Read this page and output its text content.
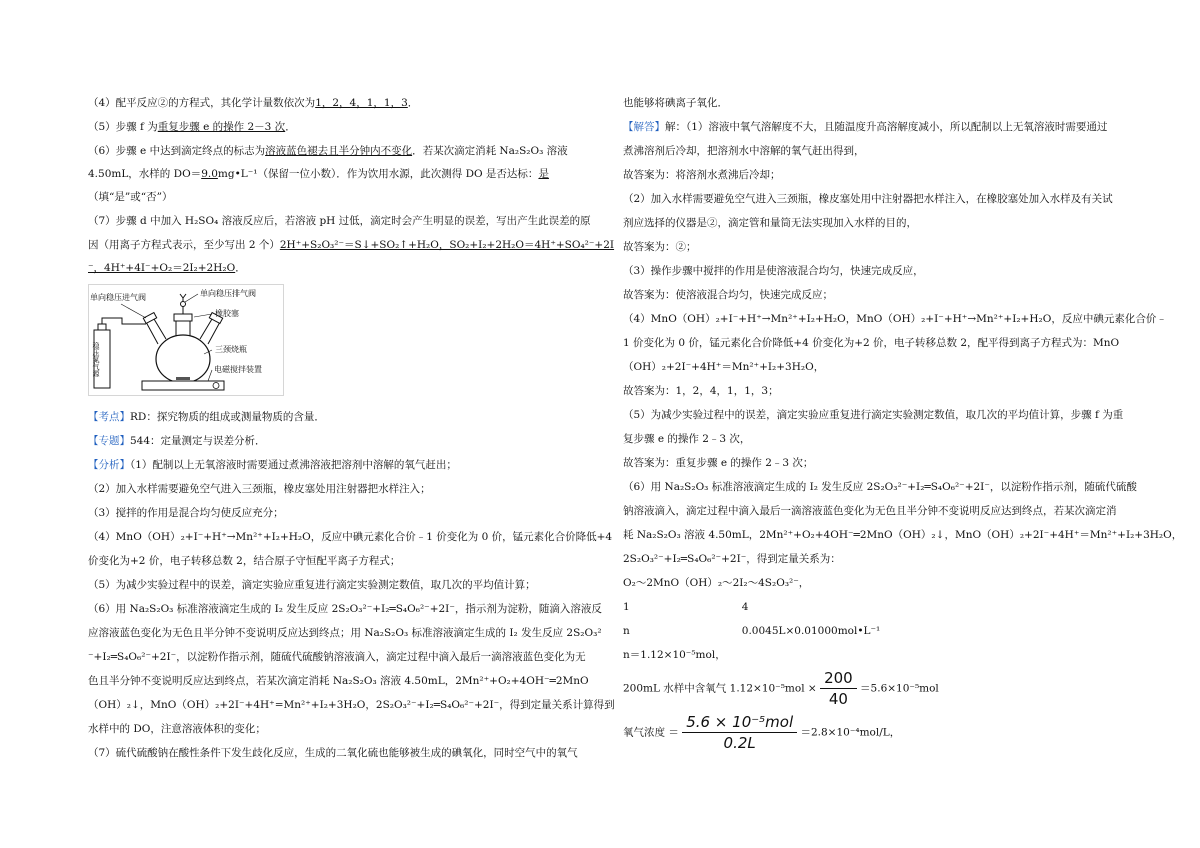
（4）配平反应②的方程式，其化学计量数依次为1，2，4，1，1，3．
（5）步骤 f 为重复步骤 e 的操作 2－3 次．
（6）步骤 e 中达到滴定终点的标志为溶液蓝色褪去且半分钟内不变化．若某次滴定消耗 Na₂S₂O₃ 溶液
4.50mL，水样的 DO＝9.0mg•L⁻¹（保留一位小数）．作为饮用水源，此次测得 DO 是否达标：是
（填“是”或“否”）
（7）步骤 d 中加入 H₂SO₄ 溶液反应后，若溶液 pH 过低，滴定时会产生明显的误差，写出产生此误差的原
因（用离子方程式表示，至少写出 2 个）2H⁺+S₂O₃²⁻＝S↓+SO₂↑+H₂O，SO₂+I₂+2H₂O＝4H⁺+SO₄²⁻+2I
⁻，4H⁺+4I⁻+O₂＝2I₂+2H₂O．
【考点】RD：探究物质的组成或测量物质的含量．
【专题】544：定量测定与误差分析．
【分析】（1）配制以上无氧溶液时需要通过煮沸溶液把溶剂中溶解的氧气赶出；
（2）加入水样需要避免空气进入三颈瓶，橡皮塞处用注射器把水样注入；
（3）搅拌的作用是混合均匀使反应充分；
（4）MnO（OH）₂+I⁻+H⁺→Mn²⁺+I₂+H₂O，反应中碘元素化合价﹣1 价变化为 0 价，锰元素化合价降低+4
价变化为+2 价，电子转移总数 2，结合原子守恒配平离子方程式；
（5）为减少实验过程中的误差，滴定实验应重复进行滴定实验测定数值，取几次的平均值计算；
（6）用 Na₂S₂O₃ 标准溶液滴定生成的 I₂ 发生反应 2S₂O₃²⁻+I₂═S₄O₆²⁻+2I⁻，指示剂为淀粉，随滴入溶液反
应溶液蓝色变化为无色且半分钟不变说明反应达到终点；用 Na₂S₂O₃ 标准溶液滴定生成的 I₂ 发生反应 2S₂O₃²
⁻+I₂═S₄O₆²⁻+2I⁻，以淀粉作指示剂，随硫代硫酸钠溶液滴入，滴定过程中滴入最后一滴溶液蓝色变化为无
色且半分钟不变说明反应达到终点，若某次滴定消耗 Na₂S₂O₃ 溶液 4.50mL，2Mn²⁺+O₂+4OH⁻═2MnO
（OH）₂↓，MnO（OH）₂+2I⁻+4H⁺=Mn²⁺+I₂+3H₂O，2S₂O₃²⁻+I₂═S₄O₆²⁻+2I⁻，得到定量关系计算得到
水样中的 DO，注意溶液体积的变化；
（7）硫代硫酸钠在酸性条件下发生歧化反应，生成的二氧化硫也能够被生成的碘氧化，同时空气中的氧气
单向稳压进气阀	单向稳压排气阀
橡胶塞
三颈烧瓶
电磁搅拌装置
稳压氮气源
也能够将碘离子氧化．
【解答】解：（1）溶液中氧气溶解度不大，且随温度升高溶解度减小，所以配制以上无氧溶液时需要通过
煮沸溶剂后冷却，把溶剂水中溶解的氧气赶出得到，
故答案为：将溶剂水煮沸后冷却；
（2）加入水样需要避免空气进入三颈瓶，橡皮塞处用中注射器把水样注入，在橡胶塞处加入水样及有关试
剂应选择的仪器是②，滴定管和量筒无法实现加入水样的目的，
故答案为：②；
（3）操作步骤中搅拌的作用是使溶液混合均匀，快速完成反应，
故答案为：使溶液混合均匀，快速完成反应；
（4）MnO（OH）₂+I⁻+H⁺→Mn²⁺+I₂+H₂O，MnO（OH）₂+I⁻+H⁺→Mn²⁺+I₂+H₂O，反应中碘元素化合价﹣
1 价变化为 0 价，锰元素化合价降低+4 价变化为+2 价，电子转移总数 2，配平得到离子方程式为：MnO
（OH）₂+2I⁻+4H⁺＝Mn²⁺+I₂+3H₂O，
故答案为：1，2，4，1，1，3；
（5）为减少实验过程中的误差，滴定实验应重复进行滴定实验测定数值，取几次的平均值计算，步骤 f 为重
复步骤 e 的操作 2﹣3 次，
故答案为：重复步骤 e 的操作 2﹣3 次；
（6）用 Na₂S₂O₃ 标准溶液滴定生成的 I₂ 发生反应 2S₂O₃²⁻+I₂═S₄O₆²⁻+2I⁻，以淀粉作指示剂，随硫代硫酸
钠溶液滴入，滴定过程中滴入最后一滴溶液蓝色变化为无色且半分钟不变说明反应达到终点，若某次滴定消
耗 Na₂S₂O₃ 溶液 4.50mL，2Mn²⁺+O₂+4OH⁻═2MnO（OH）₂↓，MnO（OH）₂+2I⁻+4H⁺＝Mn²⁺+I₂+3H₂O，
2S₂O₃²⁻+I₂═S₄O₆²⁻+2I⁻，得到定量关系为：
O₂～2MnO（OH）₂～2I₂～4S₂O₃²⁻，
1	4
n	0.0045L×0.01000mol•L⁻¹
n＝1.12×10⁻⁵mol，
200mL 水样中含氧气 $1.12\times 10^{-5}mol \times \frac{200}{40} =5.6\times 10^{-5}mol$
氧气浓度 ＝ $\frac{\text{5.6 × 10⁻⁵mol}}{0.2L} =2.8\times 10^{-4}mol/L$，
